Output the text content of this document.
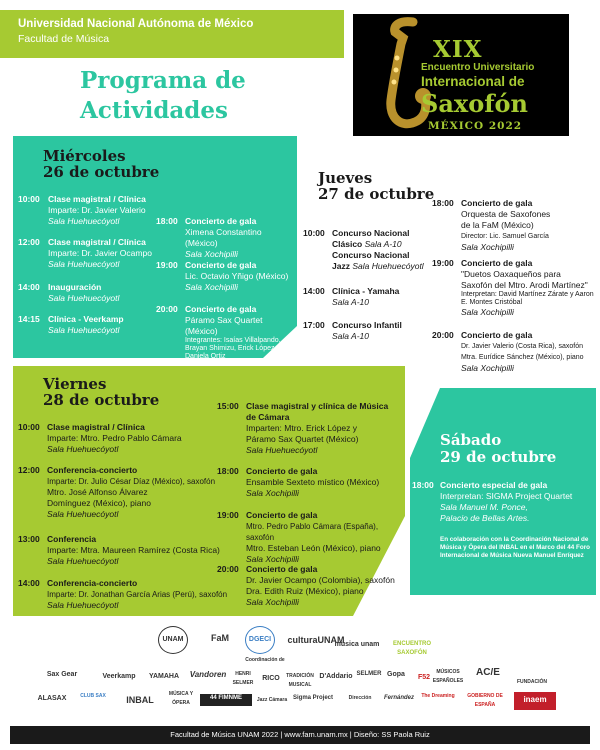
Universidad Nacional Autónoma de México
Facultad de Música
Programa de
Actividades
XIX
Encuentro Universitario
Internacional de
Saxofón
MÉXICO 2022
Miércoles
26 de octubre
10:00 Clase magistral / Clínica
Imparte: Dr. Javier Valerio
Sala Huehuecóyotl
12:00 Clase magistral / Clínica
Imparte: Dr. Javier Ocampo
Sala Huehuecóyotl
14:00 Inauguración
Sala Huehuecóyotl
14:15 Clínica - Veerkamp
Sala Huehuecóyotl
18:00 Concierto de gala
Ximena Constantino (México)
Sala Xochipilli
19:00 Concierto de gala
Lic. Octavio Yñigo (México)
Sala Xochipilli
20:00 Concierto de gala
Páramo Sax Quartet (México)
Integrantes: Isaías Villalpando, Brayan Shimizu, Erick López, y Daniela Ortiz
Jueves
27 de octubre
10:00 Concurso Nacional Clásico Sala A-10
Concurso Nacional Jazz Sala Huehuecóyotl
14:00 Clínica - Yamaha
Sala A-10
17:00 Concurso Infantil
Sala A-10
18:00 Concierto de gala
Orquesta de Saxofones
de la FaM (México)
Director: Lic. Samuel García
Sala Xochipilli
19:00 Concierto de gala
"Duetos Oaxaqueños para
Saxofón del Mtro. Arodi Martínez"
Interpretan: David Martínez Zárate y Aaron E. Montes Cristóbal
Sala Xochipilli
20:00 Concierto de gala
Dr. Javier Valerio (Costa Rica), saxofón
Mtra. Eurídice Sánchez (México), piano
Sala Xochipilli
Viernes
28 de octubre
10:00 Clase magistral / Clínica
Imparte: Mtro. Pedro Pablo Cámara
Sala Huehuecóyotl
12:00 Conferencia-concierto
Imparte: Dr. Julio César Díaz (México), saxofón
Mtro. José Alfonso Álvarez
Domínguez (México), piano
Sala Huehuecóyotl
13:00 Conferencia
Imparte: Mtra. Maureen Ramírez (Costa Rica)
Sala Huehuecóyotl
14:00 Conferencia-concierto
Imparte: Dr. Jonathan García Arias (Perú), saxofón
Sala Huehuecóyotl
15:00 Clase magistral y clínica de Música
de Cámara
Imparten: Mtro. Erick López y
Páramo Sax Quartet (México)
Sala Huehuecóyotl
18:00 Concierto de gala
Ensamble Sexteto místico (México)
Sala Xochipilli
19:00 Concierto de gala
Mtro. Pedro Pablo Cámara (España), saxofón
Mtro. Esteban León (México), piano
Sala Xochipilli
20:00 Concierto de gala
Dr. Javier Ocampo (Colombia), saxofón
Dra. Edith Ruiz (México), piano
Sala Xochipilli
Sábado
29 de octubre
18:00 Concierto especial de gala
Interpretan: SIGMA Project Quartet
Sala Manuel M. Ponce,
Palacio de Bellas Artes.
En colaboración con la Coordinación Nacional de Música y Ópera del INBAL en el Marco del 44 Foro Internacional de Música Nueva Manuel Enríquez
UNAM	FaM	DGECI
Coordinación de
culturaUNAM
música unam	ENCUENTRO SAXOFÓN
Sax Gear	Veerkamp	YAMAHA	Vandoren	HENRI SELMER
RICO	TRADICIÓN MUSICAL
D'Addario SELMER Gopa	F52
MÚSICOS ESPAÑOLES
AC/E
FUNDACIÓN
ALASAX	CLUB SAX	INBAL
MÚSICA Y ÓPERA
44 FIMNME	Jazz Cámara Sigma Project	Dirección	Fernández	The Dreaming	GOBIERNO DE ESPAÑA
inaem
Facultad de Música UNAM 2022 | www.fam.unam.mx | Diseño: SS Paola Ruiz
